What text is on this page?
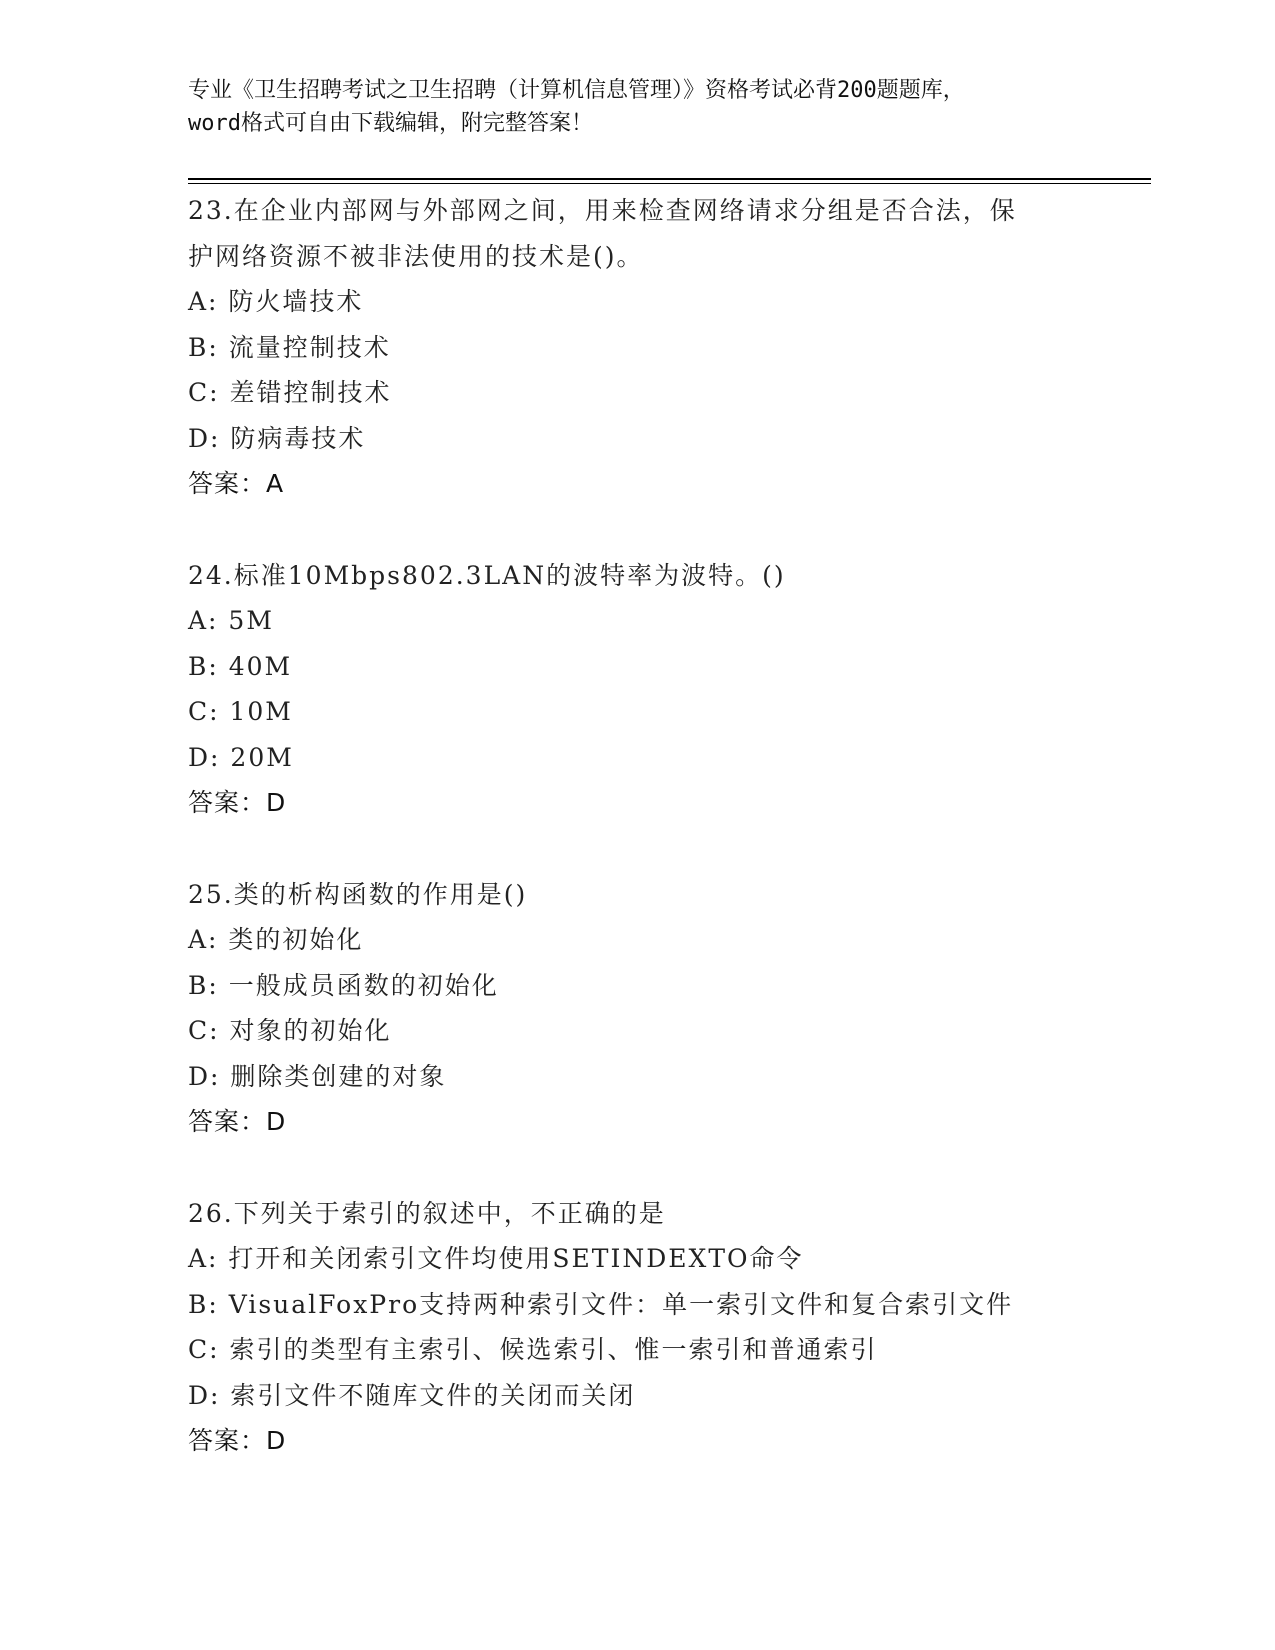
专业《卫生招聘考试之卫生招聘（计算机信息管理）》资格考试必背200题题库，
word格式可自由下载编辑，附完整答案！
23.在企业内部网与外部网之间，用来检查网络请求分组是否合法，保
护网络资源不被非法使用的技术是()。
A: 防火墙技术
B: 流量控制技术
C: 差错控制技术
D: 防病毒技术
答案：A
24.标准10Mbps802.3LAN的波特率为波特。()
A: 5M
B: 40M
C: 10M
D: 20M
答案：D
25.类的析构函数的作用是()
A: 类的初始化
B: 一般成员函数的初始化
C: 对象的初始化
D: 删除类创建的对象
答案：D
26.下列关于索引的叙述中，不正确的是
A: 打开和关闭索引文件均使用SETINDEXTO命令
B: VisualFoxPro支持两种索引文件：单一索引文件和复合索引文件
C: 索引的类型有主索引、候选索引、惟一索引和普通索引
D: 索引文件不随库文件的关闭而关闭
答案：D
